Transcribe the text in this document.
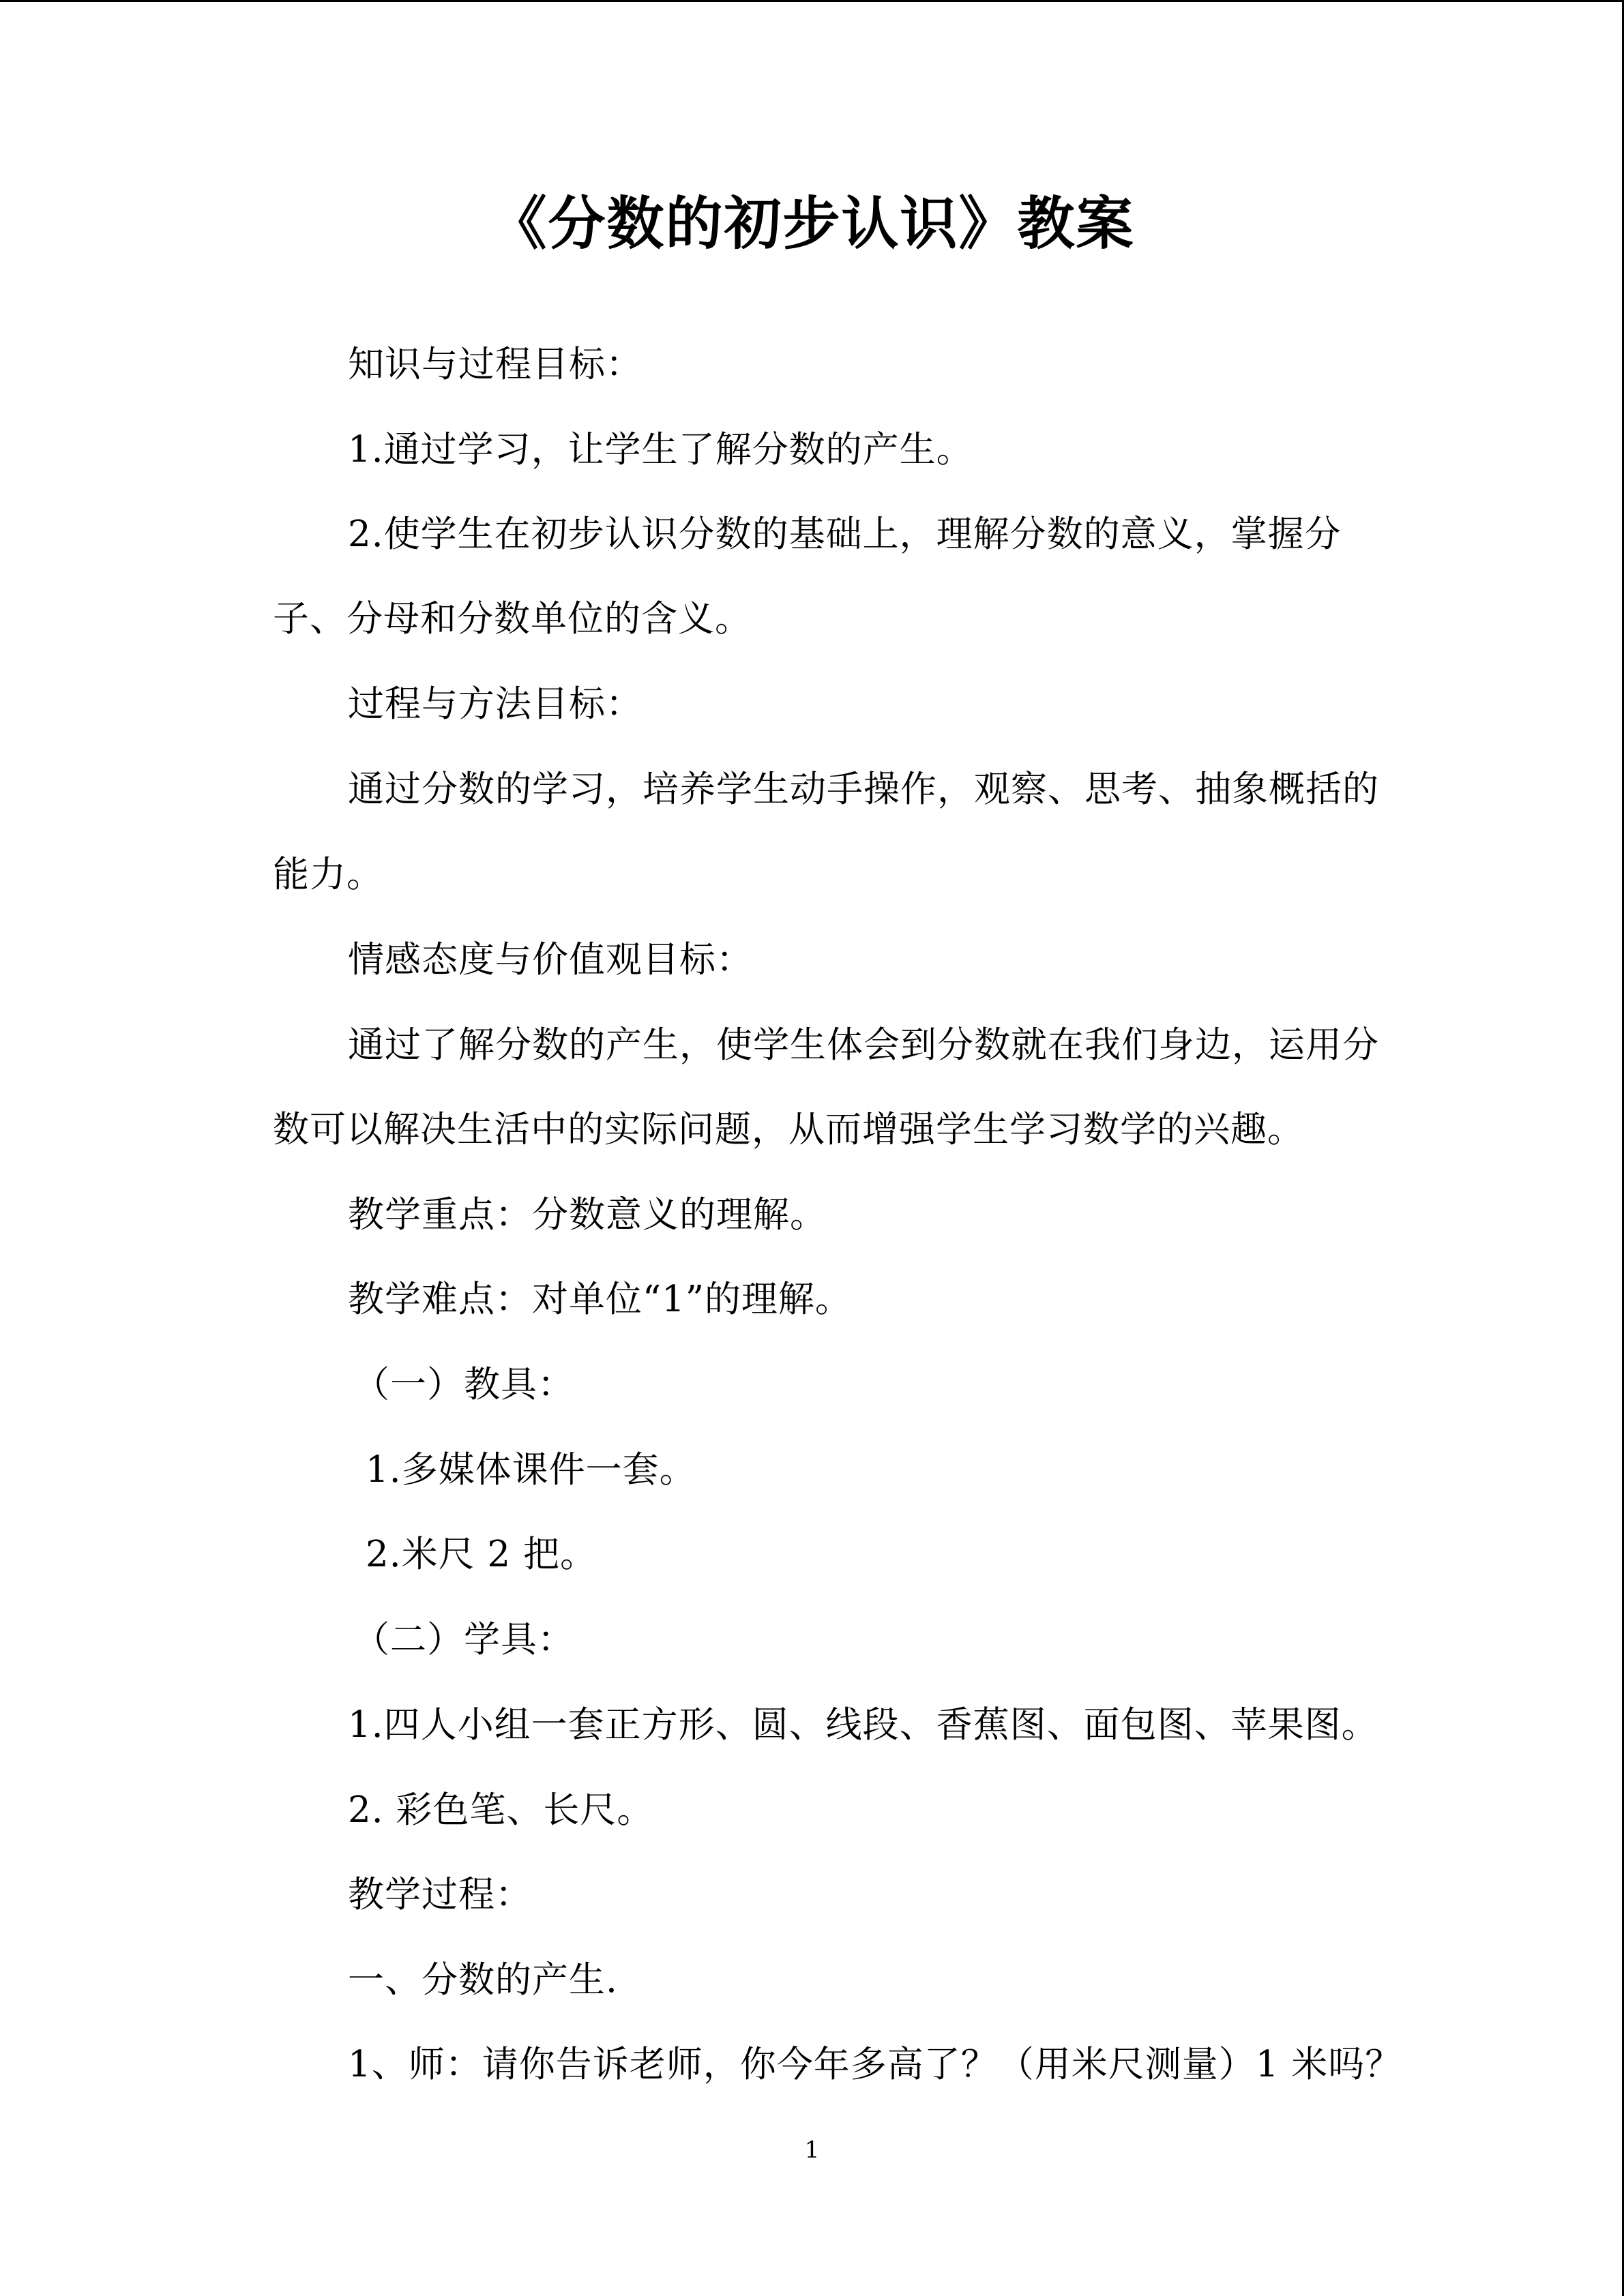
《分数的初步认识》教案
知识与过程目标：
1.通过学习，让学生了解分数的产生。
2.使学生在初步认识分数的基础上，理解分数的意义，掌握分
子、分母和分数单位的含义。
过程与方法目标：
通过分数的学习，培养学生动手操作，观察、思考、抽象概括的
能力。
情感态度与价值观目标：
通过了解分数的产生，使学生体会到分数就在我们身边，运用分
数可以解决生活中的实际问题，从而增强学生学习数学的兴趣。
教学重点：分数意义的理解。
教学难点：对单位“1”的理解。
（一）教具：
1.多媒体课件一套。
2.米尺 2 把。
（二）学具：
1.四人小组一套正方形、圆、线段、香蕉图、面包图、苹果图。
2. 彩色笔、长尺。
教学过程：
一、分数的产生.
1、师：请你告诉老师，你今年多高了？（用米尺测量）1 米吗？
1
